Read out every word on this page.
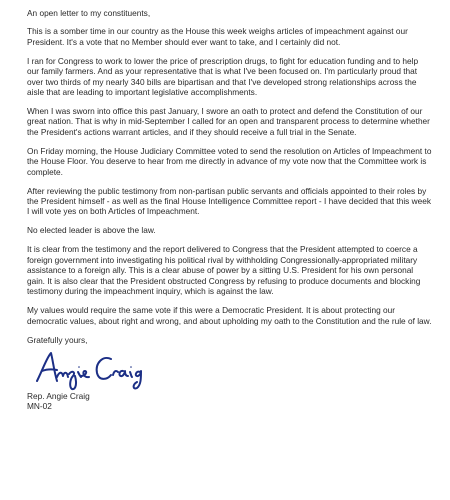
An open letter to my constituents,

This is a somber time in our country as the House this week weighs articles of impeachment against our President. It's a vote that no Member should ever want to take, and I certainly did not.

I ran for Congress to work to lower the price of prescription drugs, to fight for education funding and to help our family farmers. And as your representative that is what I've been focused on. I'm particularly proud that over two thirds of my nearly 340 bills are bipartisan and that I've developed strong relationships across the aisle that are leading to important legislative accomplishments.

When I was sworn into office this past January, I swore an oath to protect and defend the Constitution of our great nation. That is why in mid-September I called for an open and transparent process to determine whether the President's actions warrant articles, and if they should receive a full trial in the Senate.

On Friday morning, the House Judiciary Committee voted to send the resolution on Articles of Impeachment to the House Floor. You deserve to hear from me directly in advance of my vote now that the Committee work is complete.

After reviewing the public testimony from non-partisan public servants and officials appointed to their roles by the President himself - as well as the final House Intelligence Committee report - I have decided that this week I will vote yes on both Articles of Impeachment.

No elected leader is above the law.

It is clear from the testimony and the report delivered to Congress that the President attempted to coerce a foreign government into investigating his political rival by withholding Congressionally-appropriated military assistance to a foreign ally. This is a clear abuse of power by a sitting U.S. President for his own personal gain. It is also clear that the President obstructed Congress by refusing to produce documents and blocking testimony during the impeachment inquiry, which is against the law.

My values would require the same vote if this were a Democratic President. It is about protecting our democratic values, about right and wrong, and about upholding my oath to the Constitution and the rule of law.

Gratefully yours,

Rep. Angie Craig

MN-02
